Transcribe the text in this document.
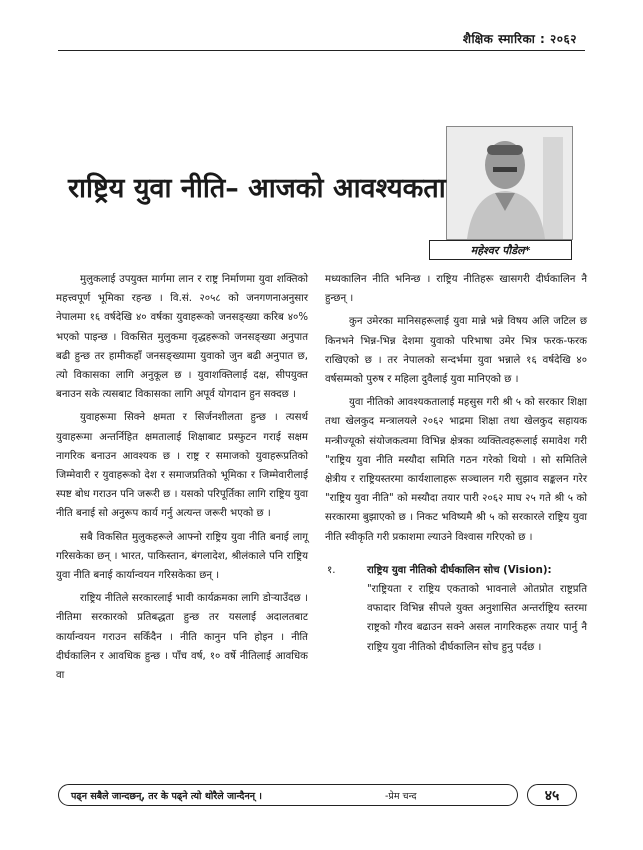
शैक्षिक स्मारिका : २०६२
महेश्वर पौडेल*
राष्ट्रिय युवा नीति– आजको आवश्यकता

मुलुकलाई उपयुक्त मार्गमा लान र राष्ट्र निर्माणमा युवा शक्तिको महत्त्वपूर्ण भूमिका रहन्छ । वि.सं. २०५८ को जनगणनाअनुसार नेपालमा १६ वर्षदेखि ४० वर्षका युवाहरूको जनसङ्ख्या करिब ४०% भएको पाइन्छ । विकसित मुलुकमा वृद्धहरूको जनसङ्ख्या अनुपात बढी हुन्छ तर हामीकहाँ जनसङ्ख्यामा युवाको जुन बढी अनुपात छ, त्यो विकासका लागि अनुकूल छ । युवाशक्तिलाई दक्ष, सीपयुक्त बनाउन सके त्यसबाट विकासका लागि अपूर्व योगदान हुन सक्दछ ।

युवाहरूमा सिक्ने क्षमता र सिर्जनशीलता हुन्छ । त्यसर्थ युवाहरूमा अन्तर्निहित क्षमतालाई शिक्षाबाट प्रस्फुटन गराई सक्षम नागरिक बनाउन आवश्यक छ । राष्ट्र र समाजको युवाहरूप्रतिको जिम्मेवारी र युवाहरूको देश र समाजप्रतिको भूमिका र जिम्मेवारीलाई स्पष्ट बोध गराउन पनि जरूरी छ । यसको परिपूर्तिका लागि राष्ट्रिय युवा नीति बनाई सो अनुरूप कार्य गर्नु अत्यन्त जरूरी भएको छ ।

सबै विकसित मुलुकहरूले आफ्नो राष्ट्रिय युवा नीति बनाई लागू गरिसकेका छन् । भारत, पाकिस्तान, बंगलादेश, श्रीलंकाले पनि राष्ट्रिय युवा नीति बनाई कार्यान्वयन गरिसकेका छन् ।

राष्ट्रिय नीतिले सरकारलाई भावी कार्यक्रमका लागि डोऱ्याउँदछ । नीतिमा सरकारको प्रतिबद्धता हुन्छ तर यसलाई अदालतबाट कार्यान्वयन गराउन सकिँदैन । नीति कानुन पनि होइन । नीति दीर्घकालिन र आवधिक हुन्छ । पाँच वर्ष, १० वर्षे नीतिलाई आवधिक वा

मध्यकालिन नीति भनिन्छ । राष्ट्रिय नीतिहरू खासगरी दीर्घकालिन नै हुन्छन् ।

कुन उमेरका मानिसहरूलाई युवा मान्ने भन्ने विषय अलि जटिल छ किनभने भिन्न-भिन्न देशमा युवाको परिभाषा उमेर भित्र फरक-फरक राखिएको छ । तर नेपालको सन्दर्भमा युवा भन्नाले १६ वर्षदेखि ४० वर्षसम्मको पुरुष र महिला दुवैलाई युवा मानिएको छ ।

युवा नीतिको आवश्यकतालाई महसुस गरी श्री ५ को सरकार शिक्षा तथा खेलकुद मन्त्रालयले २०६२ भाद्रमा शिक्षा तथा खेलकुद सहायक मन्त्रीज्यूको संयोजकत्वमा विभिन्न क्षेत्रका व्यक्तित्वहरूलाई समावेश गरी "राष्ट्रिय युवा नीति मस्यौदा समिति गठन गरेको थियो । सो समितिले क्षेत्रीय र राष्ट्रियस्तरमा कार्यशालाहरू सञ्चालन गरी सुझाव सङ्कलन गरेर "राष्ट्रिय युवा नीति" को मस्यौदा तयार पारी २०६२ माघ २५ गते श्री ५ को सरकारमा बुझाएको छ । निकट भविष्यमै श्री ५ को सरकारले राष्ट्रिय युवा नीति स्वीकृति गरी प्रकाशमा ल्याउने विश्वास गरिएको छ ।

१.	राष्ट्रिय युवा नीतिको दीर्घकालिन सोच (Vision):
"राष्ट्रियता र राष्ट्रिय एकताको भावनाले ओतप्रोत राष्ट्रप्रति वफादार विभिन्न सीपले युक्त अनुशासित अन्तर्राष्ट्रिय स्तरमा राष्ट्रको गौरव बढाउन सक्ने असल नागरिकहरू तयार पार्नु नै राष्ट्रिय युवा नीतिको दीर्घकालिन सोच हुनु पर्दछ ।
पढ्न सबैले जान्दछन्, तर के पढ्ने त्यो थोरैले जान्दैनन् ।	-प्रेम चन्द	४५
